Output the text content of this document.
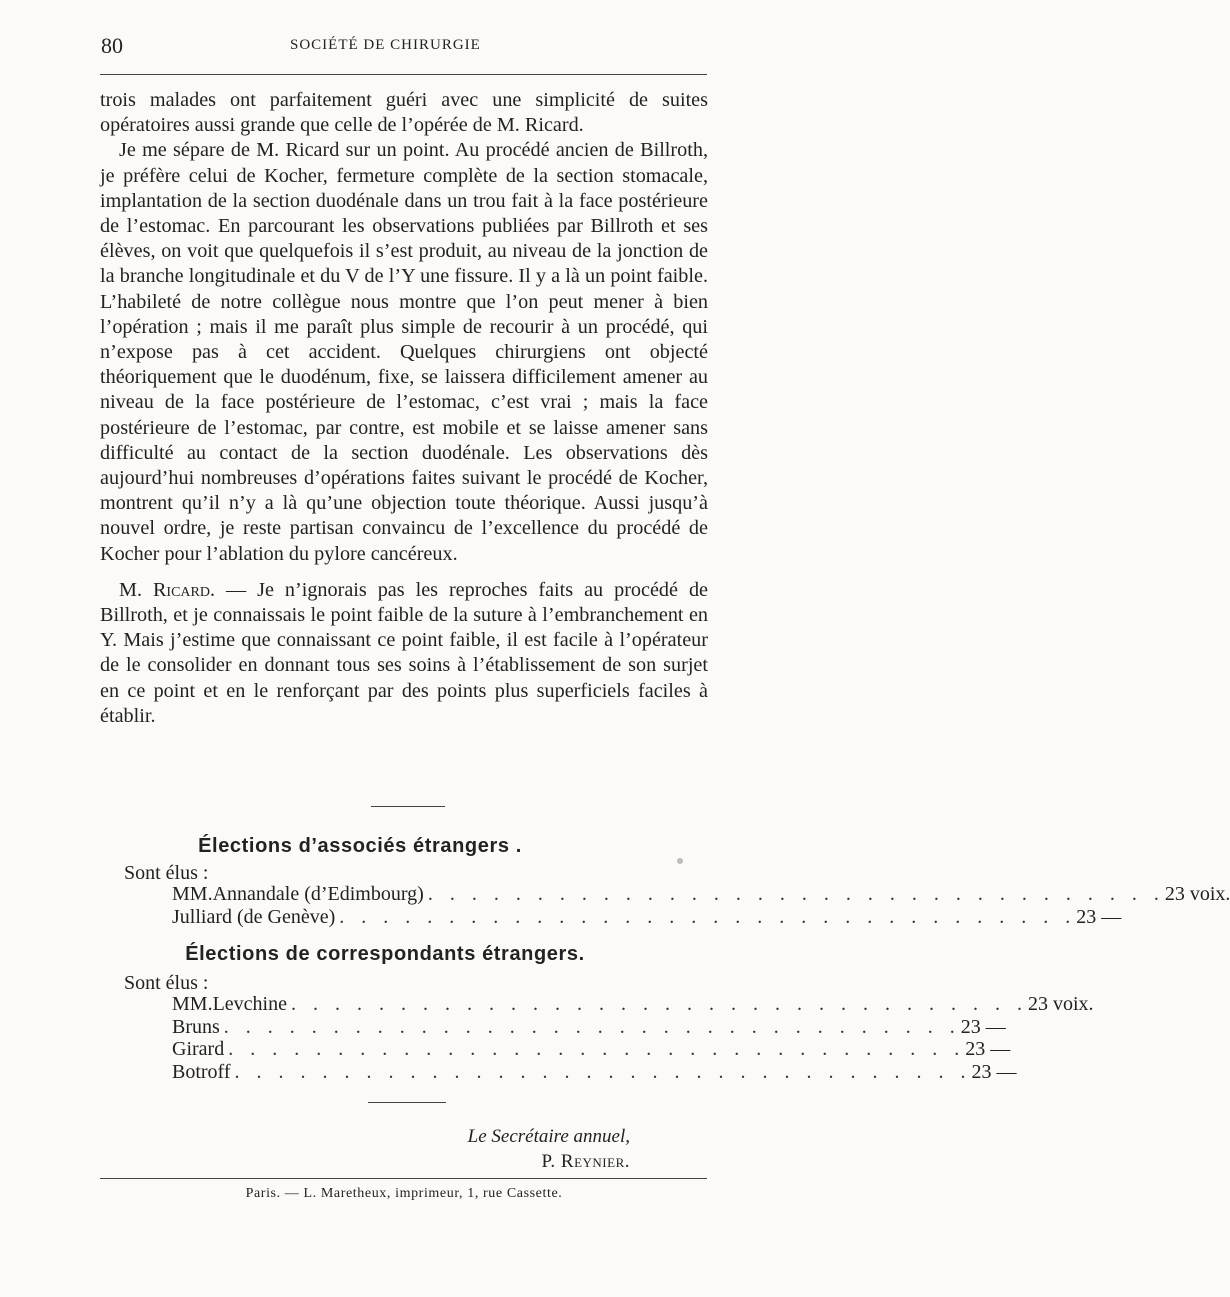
80	SOCIÉTÉ DE CHIRURGIE

trois malades ont parfaitement guéri avec une simplicité de suites opératoires aussi grande que celle de l’opérée de M. Ricard.

Je me sépare de M. Ricard sur un point. Au procédé ancien de Billroth, je préfère celui de Kocher, fermeture complète de la section stomacale, implantation de la section duodénale dans un trou fait à la face postérieure de l’estomac. En parcourant les observations publiées par Billroth et ses élèves, on voit que quelquefois il s’est produit, au niveau de la jonction de la branche longitudinale et du V de l’Y une fissure. Il y a là un point faible. L’habileté de notre collègue nous montre que l’on peut mener à bien l’opération ; mais il me paraît plus simple de recourir à un procédé, qui n’expose pas à cet accident. Quelques chirurgiens ont objecté théoriquement que le duodénum, fixe, se laissera difficilement amener au niveau de la face postérieure de l’estomac, c’est vrai ; mais la face postérieure de l’estomac, par contre, est mobile et se laisse amener sans difficulté au contact de la section duodénale. Les observations dès aujourd’hui nombreuses d’opérations faites suivant le procédé de Kocher, montrent qu’il n’y a là qu’une objection toute théorique. Aussi jusqu’à nouvel ordre, je reste partisan convaincu de l’excellence du procédé de Kocher pour l’ablation du pylore cancéreux.

M. Ricard. — Je n’ignorais pas les reproches faits au procédé de Billroth, et je connaissais le point faible de la suture à l’embranchement en Y. Mais j’estime que connaissant ce point faible, il est facile à l’opérateur de le consolider en donnant tous ses soins à l’établissement de son surjet en ce point et en le renforçant par des points plus superficiels faciles à établir.

Élections d’associés étrangers .
Sont élus :
MM. Annandale (d’Edimbourg) . . . . . . . . . . . . . . . . . . . . . . . . . . . . . . . . . . 23 voix.
Julliard (de Genève) . . . . . . . . . . . . . . . . . . . . . . . . . . . . . . . . . . 23 —
Élections de correspondants étrangers.
Sont élus :
MM. Levchine . . . . . . . . . . . . . . . . . . . . . . . . . . . . . . . . . . 23 voix.
Bruns . . . . . . . . . . . . . . . . . . . . . . . . . . . . . . . . . . 23 —
Girard . . . . . . . . . . . . . . . . . . . . . . . . . . . . . . . . . . 23 —
Botroff . . . . . . . . . . . . . . . . . . . . . . . . . . . . . . . . . . 23 —
Le Secrétaire annuel,
P. Reynier.
Paris. — L. Maretheux, imprimeur, 1, rue Cassette.
